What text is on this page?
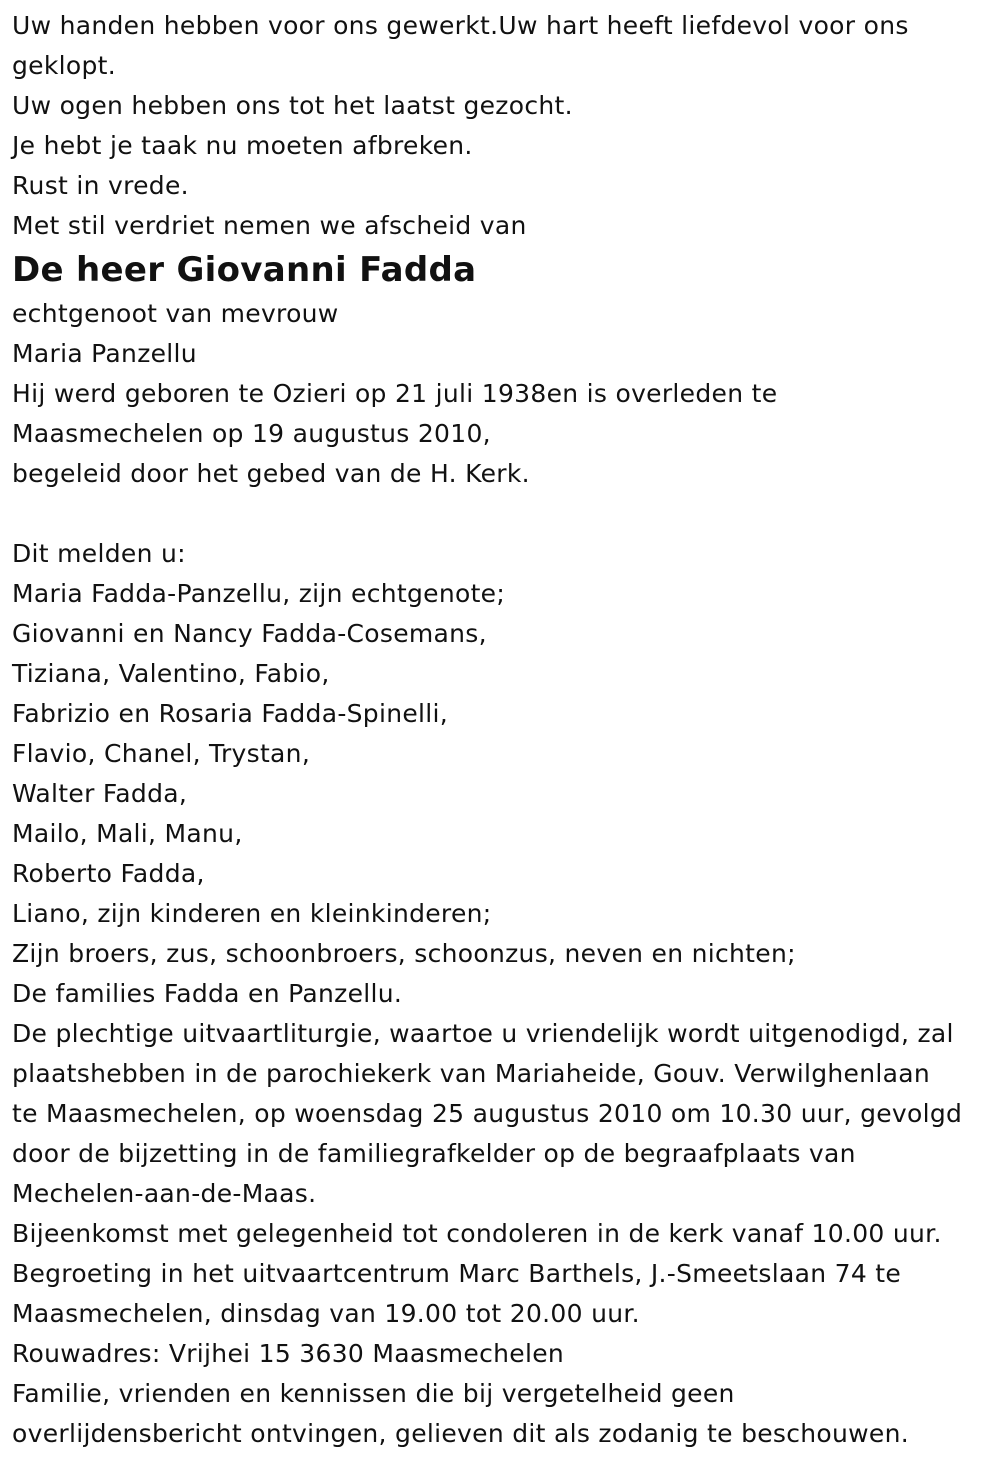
Uw handen hebben voor ons gewerkt.Uw hart heeft liefdevol voor ons
geklopt.
Uw ogen hebben ons tot het laatst gezocht.
Je hebt je taak nu moeten afbreken.
Rust in vrede.
Met stil verdriet nemen we afscheid van
De heer Giovanni Fadda
echtgenoot van mevrouw
Maria Panzellu
Hij werd geboren te Ozieri op 21 juli 1938en is overleden te
Maasmechelen op 19 augustus 2010,
begeleid door het gebed van de H. Kerk.
Dit melden u:
Maria Fadda-Panzellu, zijn echtgenote;
Giovanni en Nancy Fadda-Cosemans,
Tiziana, Valentino, Fabio,
Fabrizio en Rosaria Fadda-Spinelli,
Flavio, Chanel, Trystan,
Walter Fadda,
Mailo, Mali, Manu,
Roberto Fadda,
Liano, zijn kinderen en kleinkinderen;
Zijn broers, zus, schoonbroers, schoonzus, neven en nichten;
De families Fadda en Panzellu.
De plechtige uitvaartliturgie, waartoe u vriendelijk wordt uitgenodigd, zal
plaatshebben in de parochiekerk van Mariaheide, Gouv. Verwilghenlaan
te Maasmechelen, op woensdag 25 augustus 2010 om 10.30 uur, gevolgd
door de bijzetting in de familiegrafkelder op de begraafplaats van
Mechelen-aan-de-Maas.
Bijeenkomst met gelegenheid tot condoleren in de kerk vanaf 10.00 uur.
Begroeting in het uitvaartcentrum Marc Barthels, J.-Smeetslaan 74 te
Maasmechelen, dinsdag van 19.00 tot 20.00 uur.
Rouwadres: Vrijhei 15 3630 Maasmechelen
Familie, vrienden en kennissen die bij vergetelheid geen
overlijdensbericht ontvingen, gelieven dit als zodanig te beschouwen.
